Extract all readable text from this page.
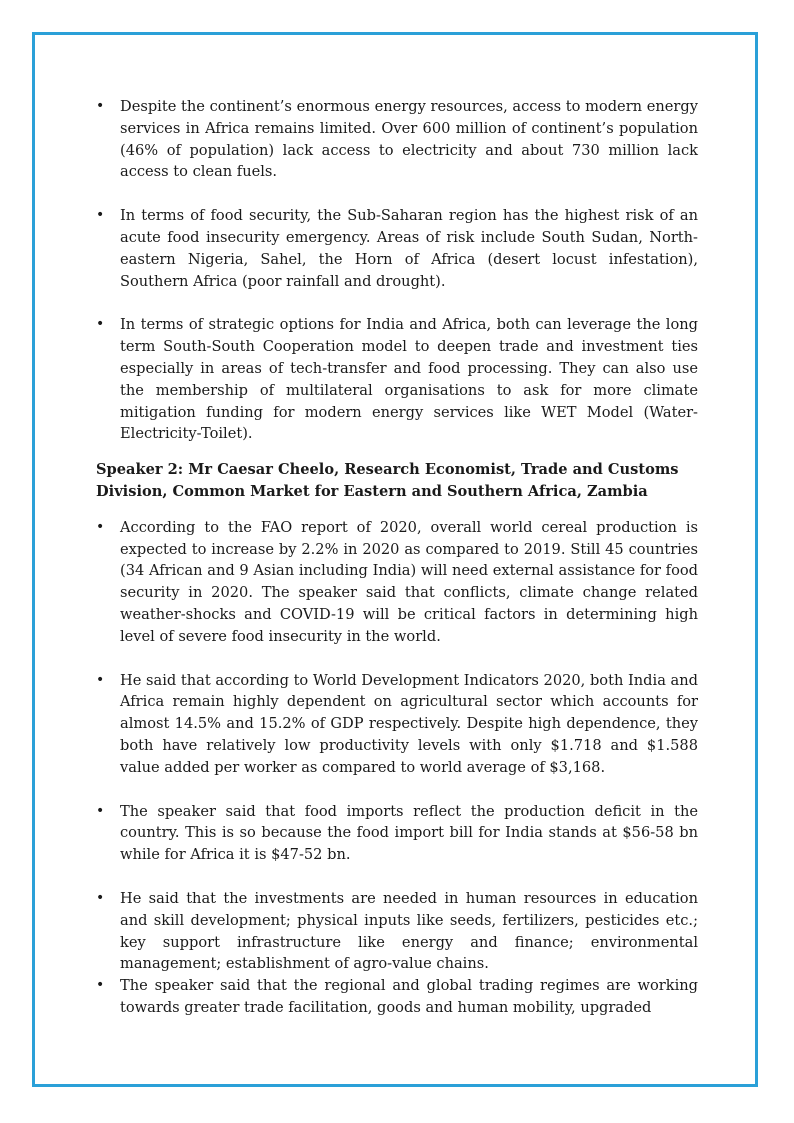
• Despite the continent’s enormous energy resources, access to modern energy services in Africa remains limited. Over 600 million of continent’s population (46% of population) lack access to electricity and about 730 million lack access to clean fuels.
• In terms of food security, the Sub-Saharan region has the highest risk of an acute food insecurity emergency. Areas of risk include South Sudan, North-eastern Nigeria, Sahel, the Horn of Africa (desert locust infestation), Southern Africa (poor rainfall and drought).
• In terms of strategic options for India and Africa, both can leverage the long term South-South Cooperation model to deepen trade and investment ties especially in areas of tech-transfer and food processing. They can also use the membership of multilateral organisations to ask for more climate mitigation funding for modern energy services like WET Model (Water-Electricity-Toilet).
Speaker 2: Mr Caesar Cheelo, Research Economist, Trade and Customs Division, Common Market for Eastern and Southern Africa, Zambia
• According to the FAO report of 2020, overall world cereal production is expected to increase by 2.2% in 2020 as compared to 2019. Still 45 countries (34 African and 9 Asian including India) will need external assistance for food security in 2020. The speaker said that conflicts, climate change related weather-shocks and COVID-19 will be critical factors in determining high level of severe food insecurity in the world.
• He said that according to World Development Indicators 2020, both India and Africa remain highly dependent on agricultural sector which accounts for almost 14.5% and 15.2% of GDP respectively. Despite high dependence, they both have relatively low productivity levels with only $1.718 and $1.588 value added per worker as compared to world average of $3,168.
• The speaker said that food imports reflect the production deficit in the country. This is so because the food import bill for India stands at $56-58 bn while for Africa it is $47-52 bn.
• He said that the investments are needed in human resources in education and skill development; physical inputs like seeds, fertilizers, pesticides etc.; key support infrastructure like energy and finance; environmental management; establishment of agro-value chains.
• The speaker said that the regional and global trading regimes are working towards greater trade facilitation, goods and human mobility, upgraded
